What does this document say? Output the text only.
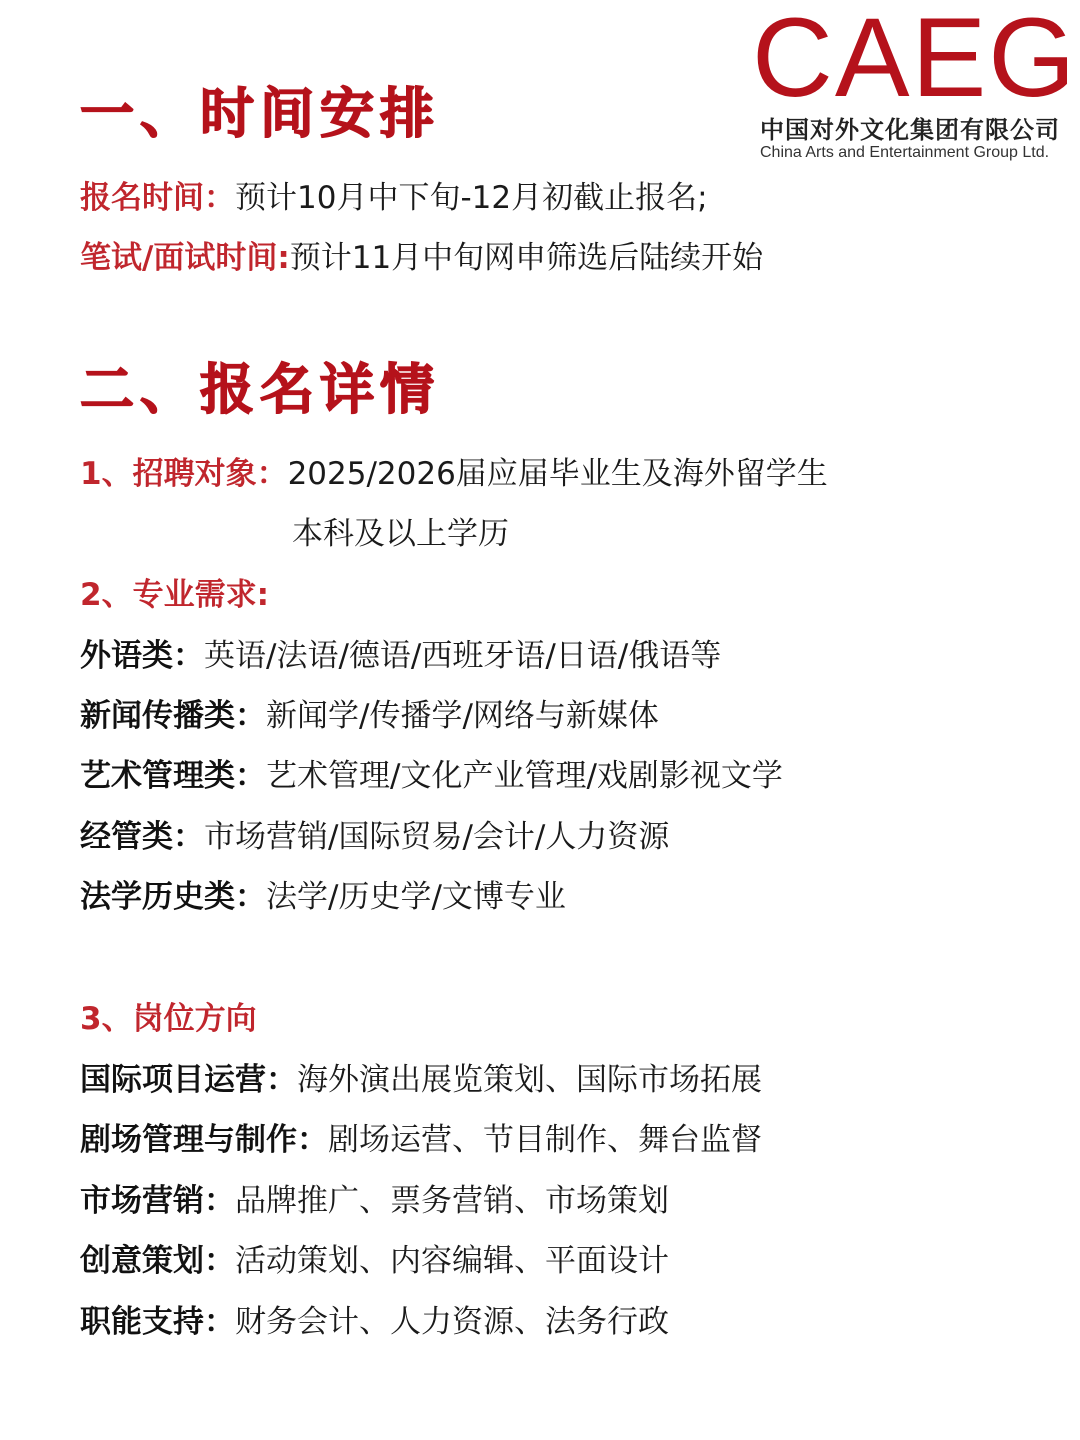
CAEG
中国对外文化集团有限公司
China Arts and Entertainment Group Ltd.
一、时间安排
报名时间：预计10月中下旬-12月初截止报名;
笔试/面试时间:预计11月中旬网申筛选后陆续开始
二、报名详情
1、招聘对象：2025/2026届应届毕业生及海外留学生
本科及以上学历
2、专业需求:
外语类：英语/法语/德语/西班牙语/日语/俄语等
新闻传播类：新闻学/传播学/网络与新媒体
艺术管理类：艺术管理/文化产业管理/戏剧影视文学
经管类：市场营销/国际贸易/会计/人力资源
法学历史类：法学/历史学/文博专业
3、岗位方向
国际项目运营：海外演出展览策划、国际市场拓展
剧场管理与制作：剧场运营、节目制作、舞台监督
市场营销：品牌推广、票务营销、市场策划
创意策划：活动策划、内容编辑、平面设计
职能支持：财务会计、人力资源、法务行政
